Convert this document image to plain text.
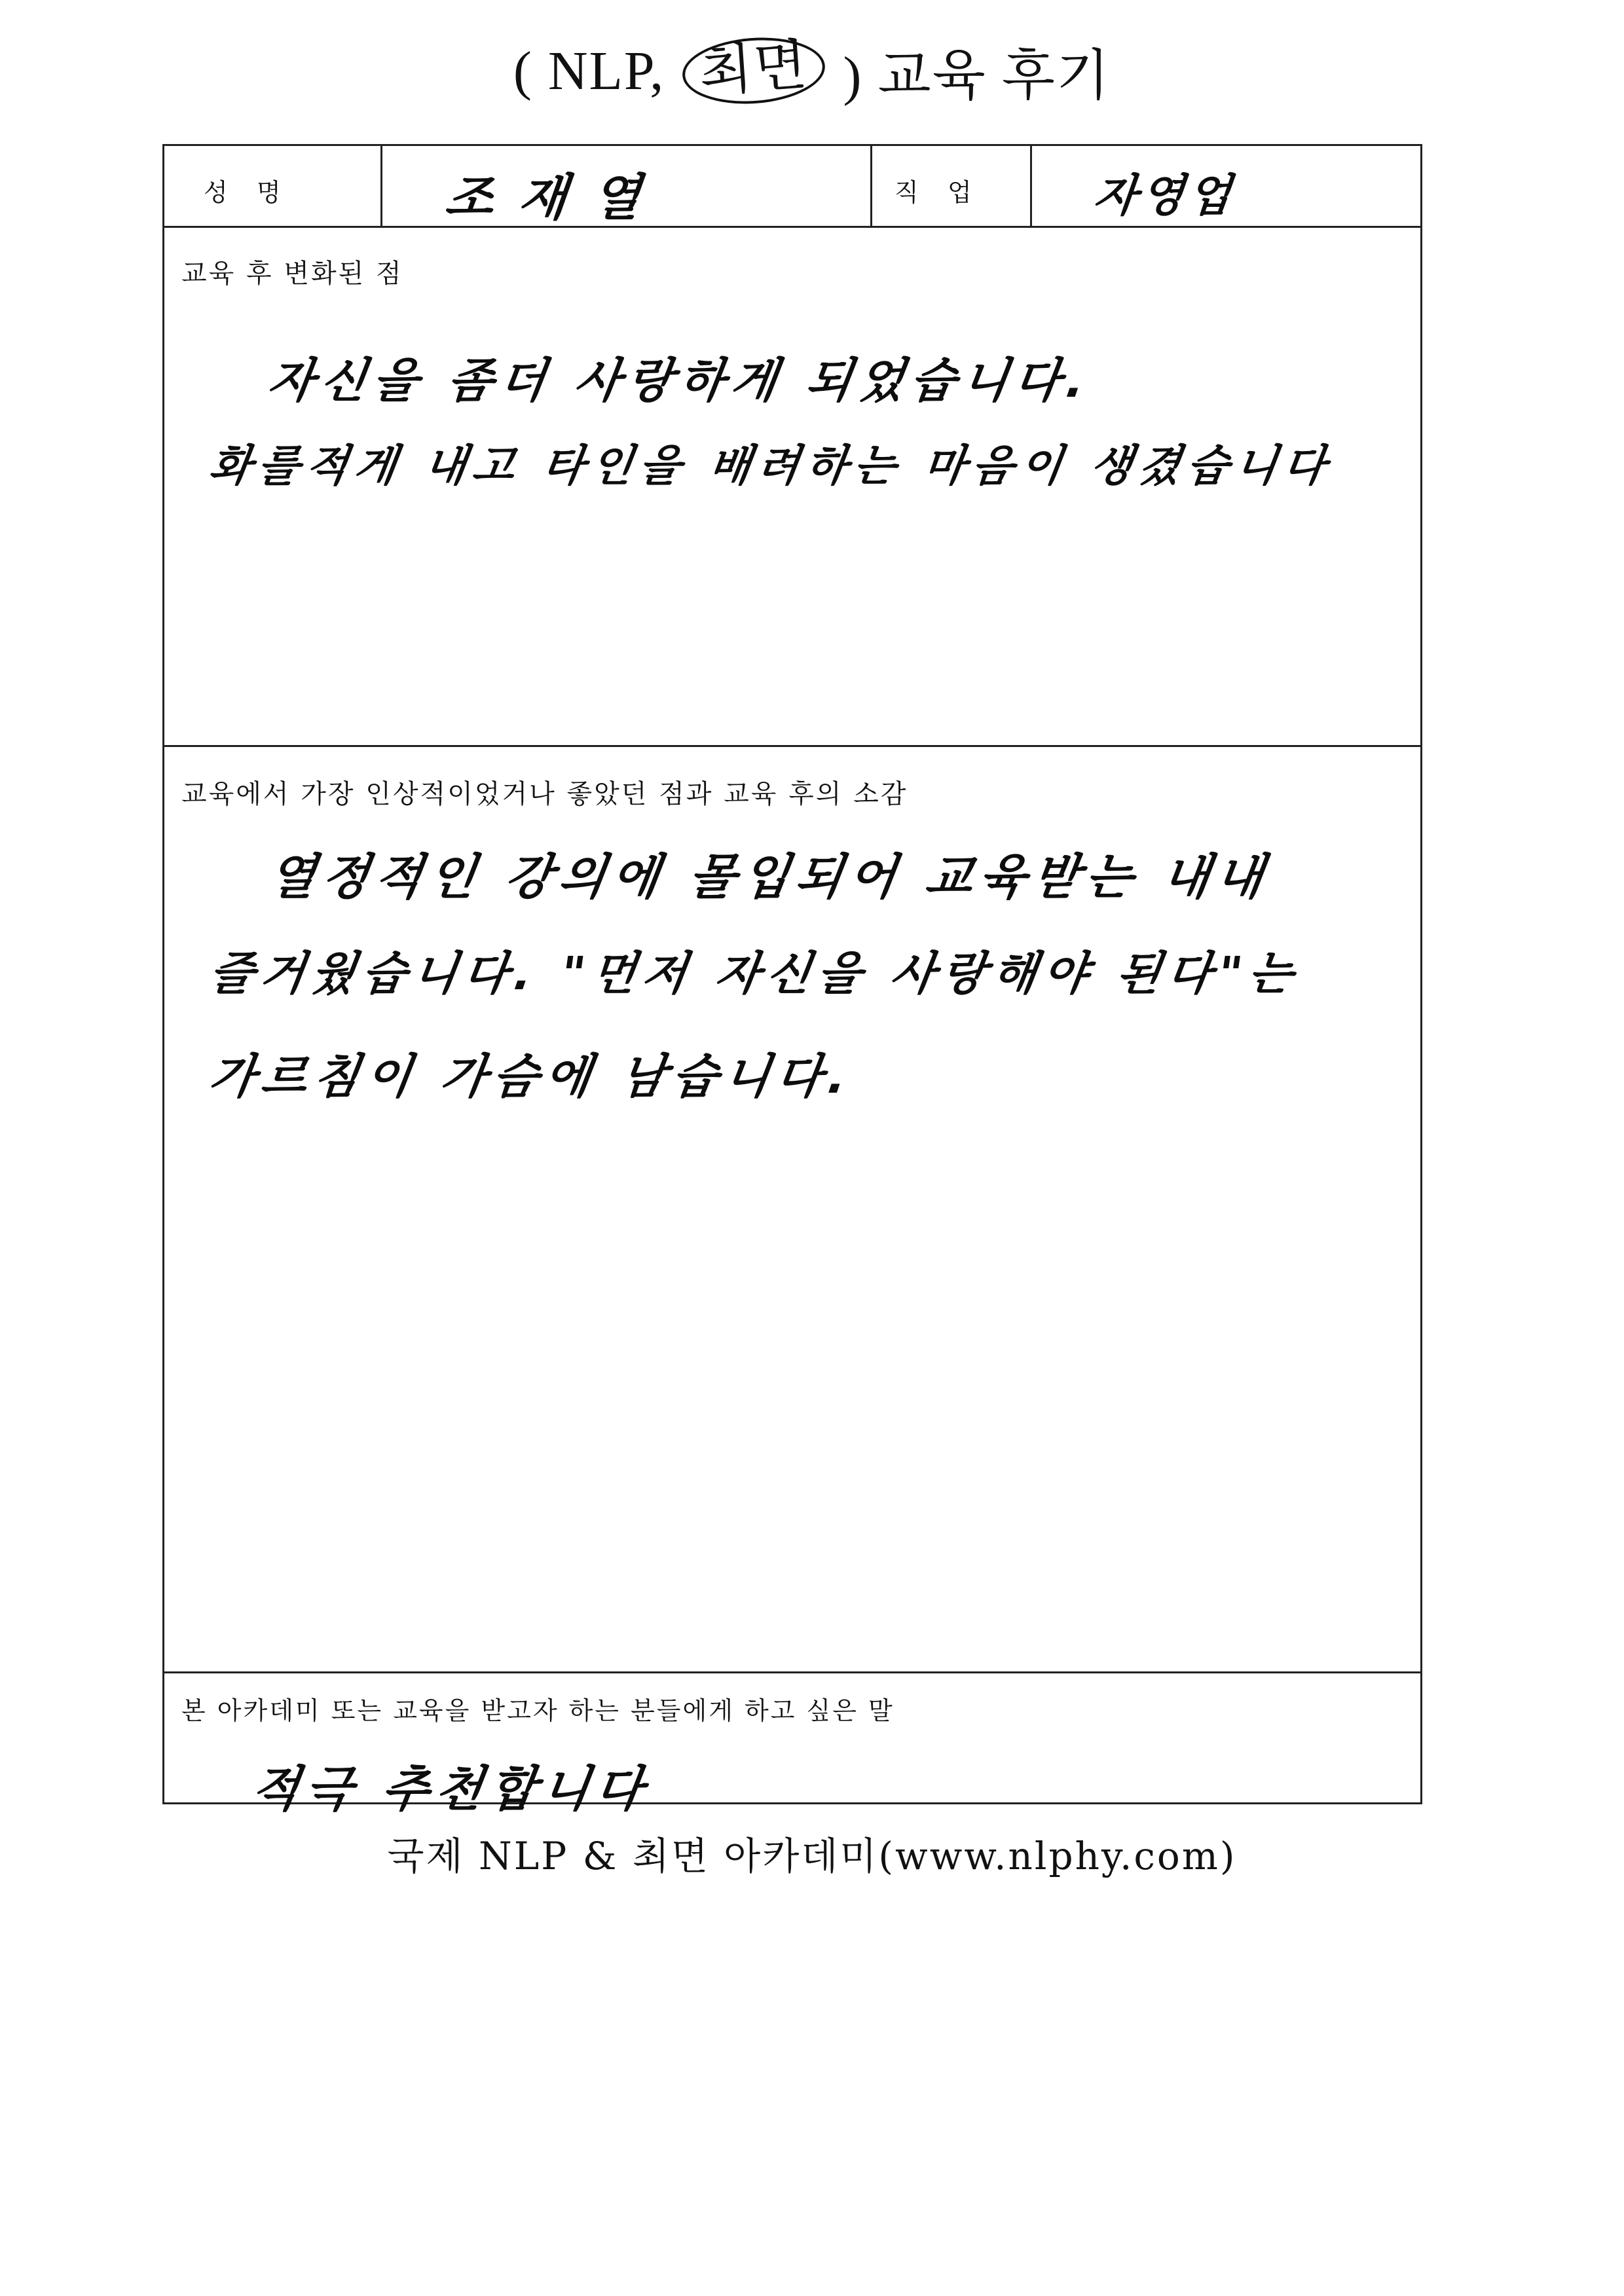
( NLP, 최면 ) 교육 후기
성   명	조 재 열	직   업	자영업
교육 후 변화된 점
자신을 좀더 사랑하게 되었습니다.
화를적게 내고 타인을 배려하는 마음이 생겼습니다
교육에서 가장 인상적이었거나 좋았던 점과 교육 후의 소감
열정적인 강의에 몰입되어 교육받는 내내
즐거웠습니다. "먼저 자신을 사랑해야 된다"는
가르침이 가슴에 남습니다.
본 아카데미 또는 교육을 받고자 하는 분들에게 하고 싶은 말
적극 추천합니다
국제 NLP & 최면 아카데미(www.nlphy.com)
